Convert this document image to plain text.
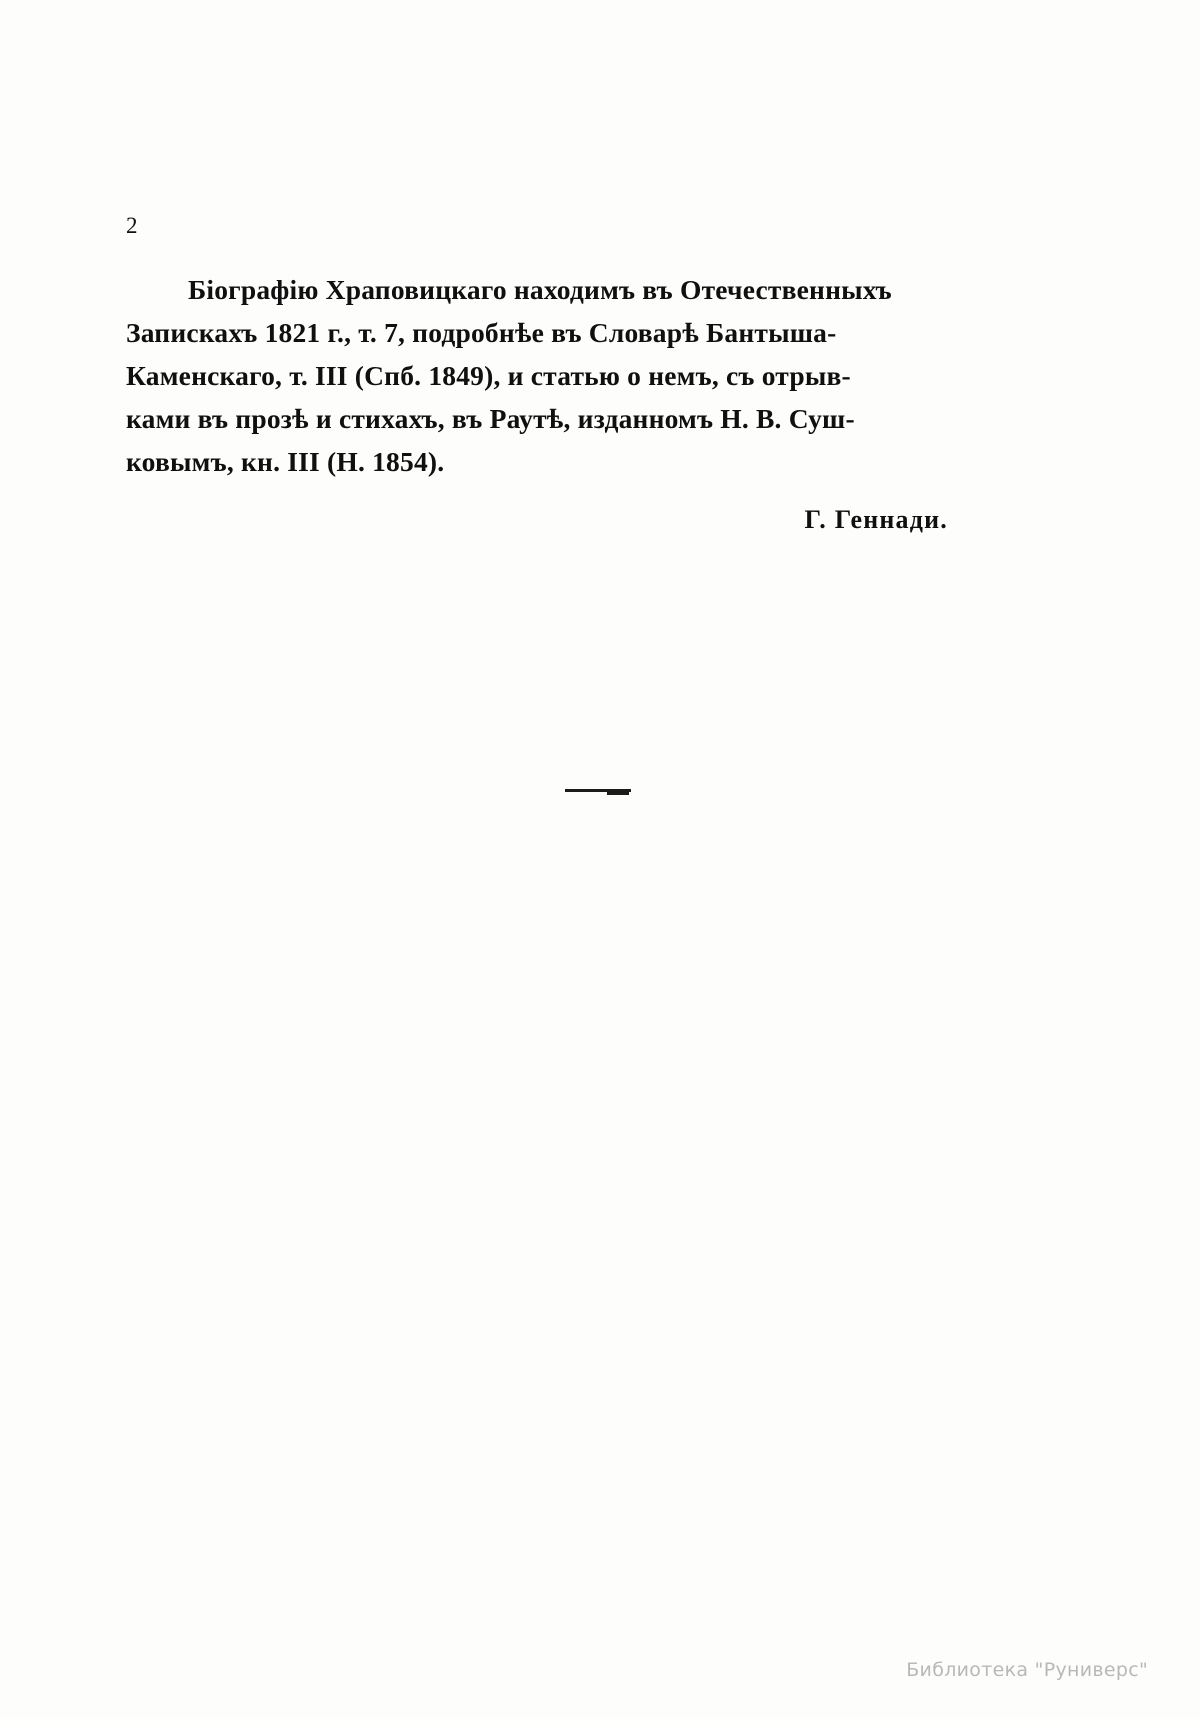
2
Біографію Храповицкаго находимъ въ Отечественныхъ
Запискахъ 1821 г., т. 7, подробнѣе въ Словарѣ Бантыша-
Каменскаго, т. III (Спб. 1849), и статью о немъ, съ отрыв-
ками въ прозѣ и стихахъ, въ Раутѣ, изданномъ Н. В. Суш-
ковымъ, кн. III (Н. 1854).
Г. Геннади.
Библиотека "Руниверс"
